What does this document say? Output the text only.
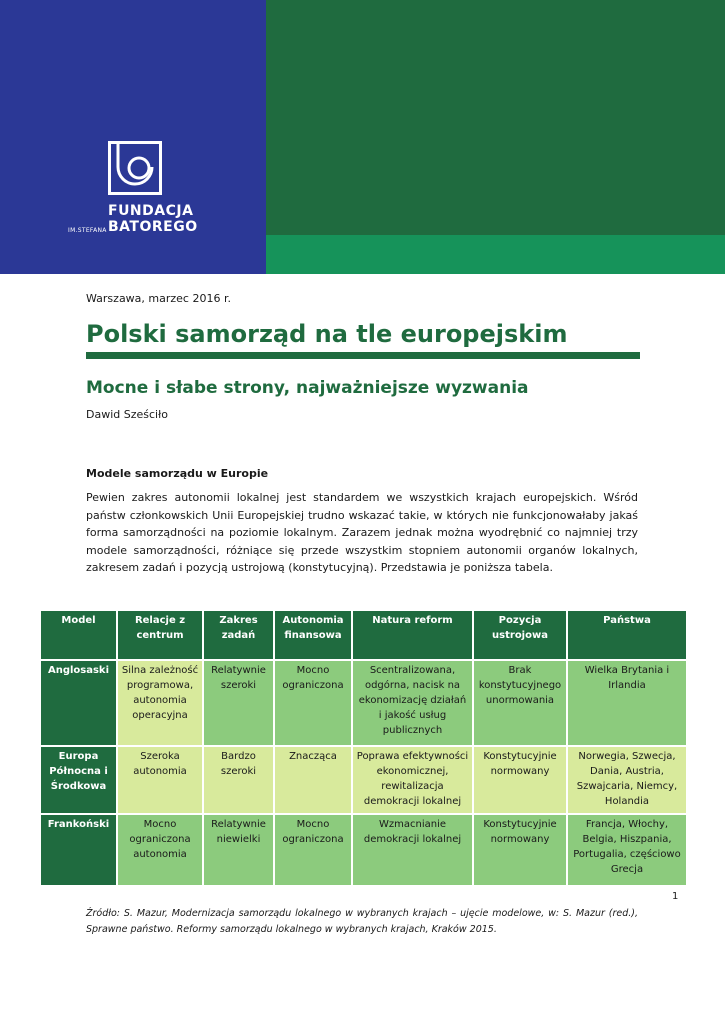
FUNDACJA
IM.STEFANA BATOREGO
Warszawa, marzec 2016 r.
Polski samorząd na tle europejskim
Mocne i słabe strony, najważniejsze wyzwania
Dawid Sześciło
Modele samorządu w Europie

Pewien zakres autonomii lokalnej jest standardem we wszystkich krajach europejskich. Wśród państw członkowskich Unii Europejskiej trudno wskazać takie, w których nie funkcjonowałaby jakaś forma samorządności na poziomie lokalnym. Zarazem jednak można wyodrębnić co najmniej trzy modele samorządności, różniące się przede wszystkim stopniem autonomii organów lokalnych, zakresem zadań i pozycją ustrojową (konstytucyjną). Przedstawia je poniższa tabela.

Model	Relacje z centrum	Zakres zadań	Autonomia finansowa	Natura reform	Pozycja ustrojowa	Państwa
Anglosaski	Silna zależność programowa, autonomia operacyjna	Relatywnie szeroki	Mocno ograniczona	Scentralizowana, odgórna, nacisk na ekonomizację działań i jakość usług publicznych	Brak konstytucyjnego unormowania	Wielka Brytania i Irlandia
Europa Północna i Środkowa	Szeroka autonomia	Bardzo szeroki	Znacząca	Poprawa efektywności ekonomicznej, rewitalizacja demokracji lokalnej	Konstytucyjnie normowany	Norwegia, Szwecja, Dania, Austria, Szwajcaria, Niemcy, Holandia
Frankoński	Mocno ograniczona autonomia	Relatywnie niewielki	Mocno ograniczona	Wzmacnianie demokracji lokalnej	Konstytucyjnie normowany	Francja, Włochy, Belgia, Hiszpania, Portugalia, częściowo Grecja
1

Źródło: S. Mazur, Modernizacja samorządu lokalnego w wybranych krajach – ujęcie modelowe, w: S. Mazur (red.), Sprawne państwo. Reformy samorządu lokalnego w wybranych krajach, Kraków 2015.
